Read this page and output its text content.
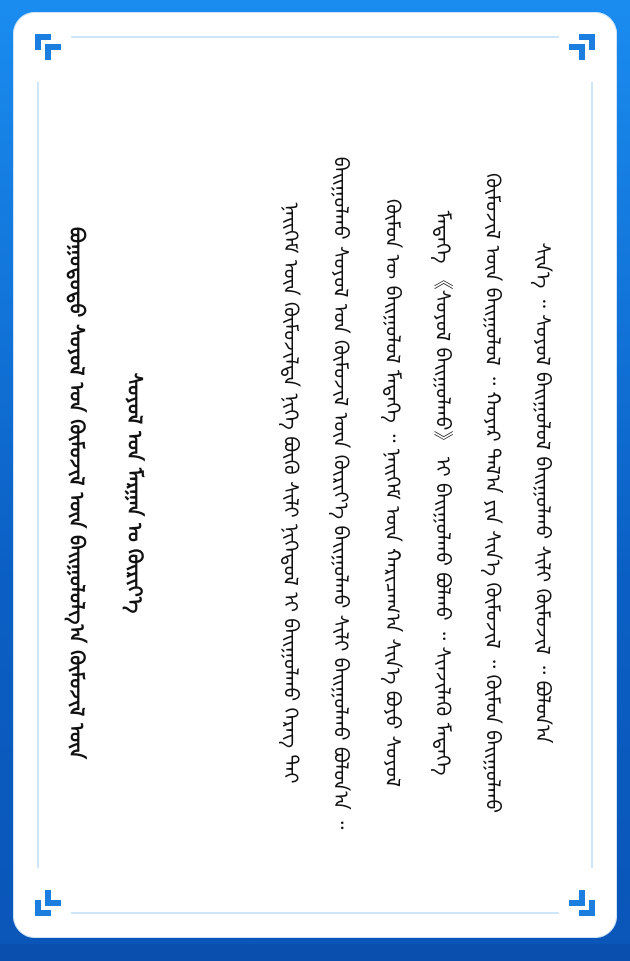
ᠪᠣᠭᠣᠳᠣᠳᠤ ᠰᠣᠶᠣᠯ ᠤᠨ ᠬᠦᠮᠦᠵᠢᠯ ᠦᠨ ᠪᠠᠢᠭᠤᠯᠤᠯᠭ᠎ᠠ ᠬᠦᠮᠦᠵᠢᠯ ᠦᠨ ᠰᠣᠶᠣᠯ ᠤᠨ ᠮᠠᠷᠭᠠᠨ ᠤ ᠬᠦᠷᠢᠶ᠎ᠡ	ᠨᠡᠢᠭᠡᠮ ᠦᠨ ᠬᠦᠮᠦᠵᠢᠯᠲᠡ ᠨᠢᠭᠡ ᠪᠦᠬᠦ ᠰᠢᠯᠢ ᠨᠢᠭᠡᠳᠦᠯ ᠢ ᠪᠠᠢᠭᠤᠯᠬᠤ ᠬᠡᠷᠡᠭ ᠲᠠᠢ ᠪᠠᠢᠭᠤᠯᠬᠤ ᠰᠣᠶᠣᠯ ᠤᠨ ᠬᠦᠮᠦᠵᠢᠯ ᠦᠨ ᠬᠦᠷᠢᠶ᠎ᠡ ᠪᠠᠢᠭᠤᠯᠬᠤ ᠰᠢᠯᠢ ᠪᠠᠢᠭᠤᠯᠬᠤ ᠪᠣᠯᠤᠨ᠎ᠠ ᠃ ᠬᠦᠮᠦᠨ ᠦ ᠪᠠᠢᠭᠤᠯᠤᠯ ᠮᠡᠳᠡᠭᠡ ᠃ ᠨᠡᠢᠭᠡᠮ ᠦᠨ ᠬᠠᠷᠢᠴᠠᠭ᠎ᠠ ᠰᠢᠨ᠎ᠡ ᠪᠤᠶᠤ ᠰᠣᠶᠣᠯ ᠮᠡᠳᠡᠭᠡ 《ᠰᠣᠶᠣᠯ ᠪᠠᠢᠭᠤᠯᠬᠤ》 ᠢ ᠪᠠᠢᠭᠤᠯᠬᠤ ᠪᠣᠯᠬᠤ ᠃ ᠰᠢᠨᠵᠢᠯᠡᠬᠦ ᠮᠡᠳᠡᠭᠡ ᠬᠦᠮᠦᠵᠢᠯ ᠦᠨ ᠪᠠᠢᠭᠤᠯᠤᠯ ᠃ ᠬᠣᠶᠠᠷ ᠲᠠᠯ᠎ᠠ ᠶᠢᠨ ᠰᠢᠨ᠎ᠡ ᠬᠦᠮᠦᠵᠢᠯ ᠃ ᠬᠦᠮᠦᠨ ᠪᠠᠢᠭᠤᠯᠬᠤ ᠰᠢᠨ᠎ᠡ ᠃ ᠰᠣᠶᠣᠯ ᠪᠠᠢᠭᠤᠯᠤᠯ ᠪᠠᠢᠭᠤᠯᠬᠤ ᠰᠢᠯᠢ ᠬᠦᠮᠦᠵᠢᠯ ᠃ ᠪᠣᠯᠤᠨ᠎ᠠ
